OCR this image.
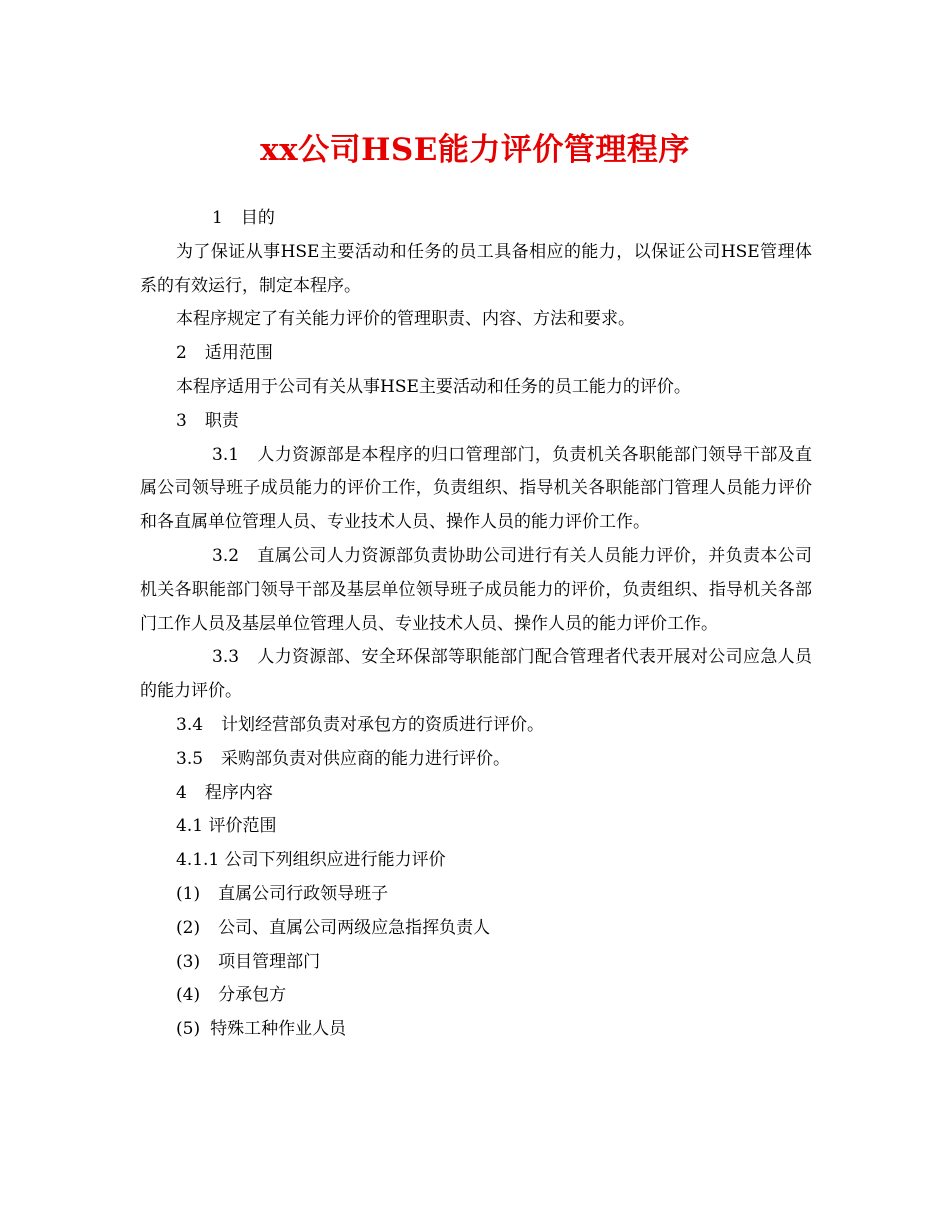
xx公司HSE能力评价管理程序
1 目的
为了保证从事HSE主要活动和任务的员工具备相应的能力，以保证公司HSE管理体系的有效运行，制定本程序。
本程序规定了有关能力评价的管理职责、内容、方法和要求。
2 适用范围
本程序适用于公司有关从事HSE主要活动和任务的员工能力的评价。
3 职责
3.1 人力资源部是本程序的归口管理部门，负责机关各职能部门领导干部及直属公司领导班子成员能力的评价工作，负责组织、指导机关各职能部门管理人员能力评价和各直属单位管理人员、专业技术人员、操作人员的能力评价工作。
3.2 直属公司人力资源部负责协助公司进行有关人员能力评价，并负责本公司机关各职能部门领导干部及基层单位领导班子成员能力的评价，负责组织、指导机关各部门工作人员及基层单位管理人员、专业技术人员、操作人员的能力评价工作。
3.3 人力资源部、安全环保部等职能部门配合管理者代表开展对公司应急人员的能力评价。
3.4 计划经营部负责对承包方的资质进行评价。
3.5 采购部负责对供应商的能力进行评价。
4 程序内容
4.1 评价范围
4.1.1 公司下列组织应进行能力评价
(1) 直属公司行政领导班子
(2) 公司、直属公司两级应急指挥负责人
(3) 项目管理部门
(4) 分承包方
(5) 特殊工种作业人员
